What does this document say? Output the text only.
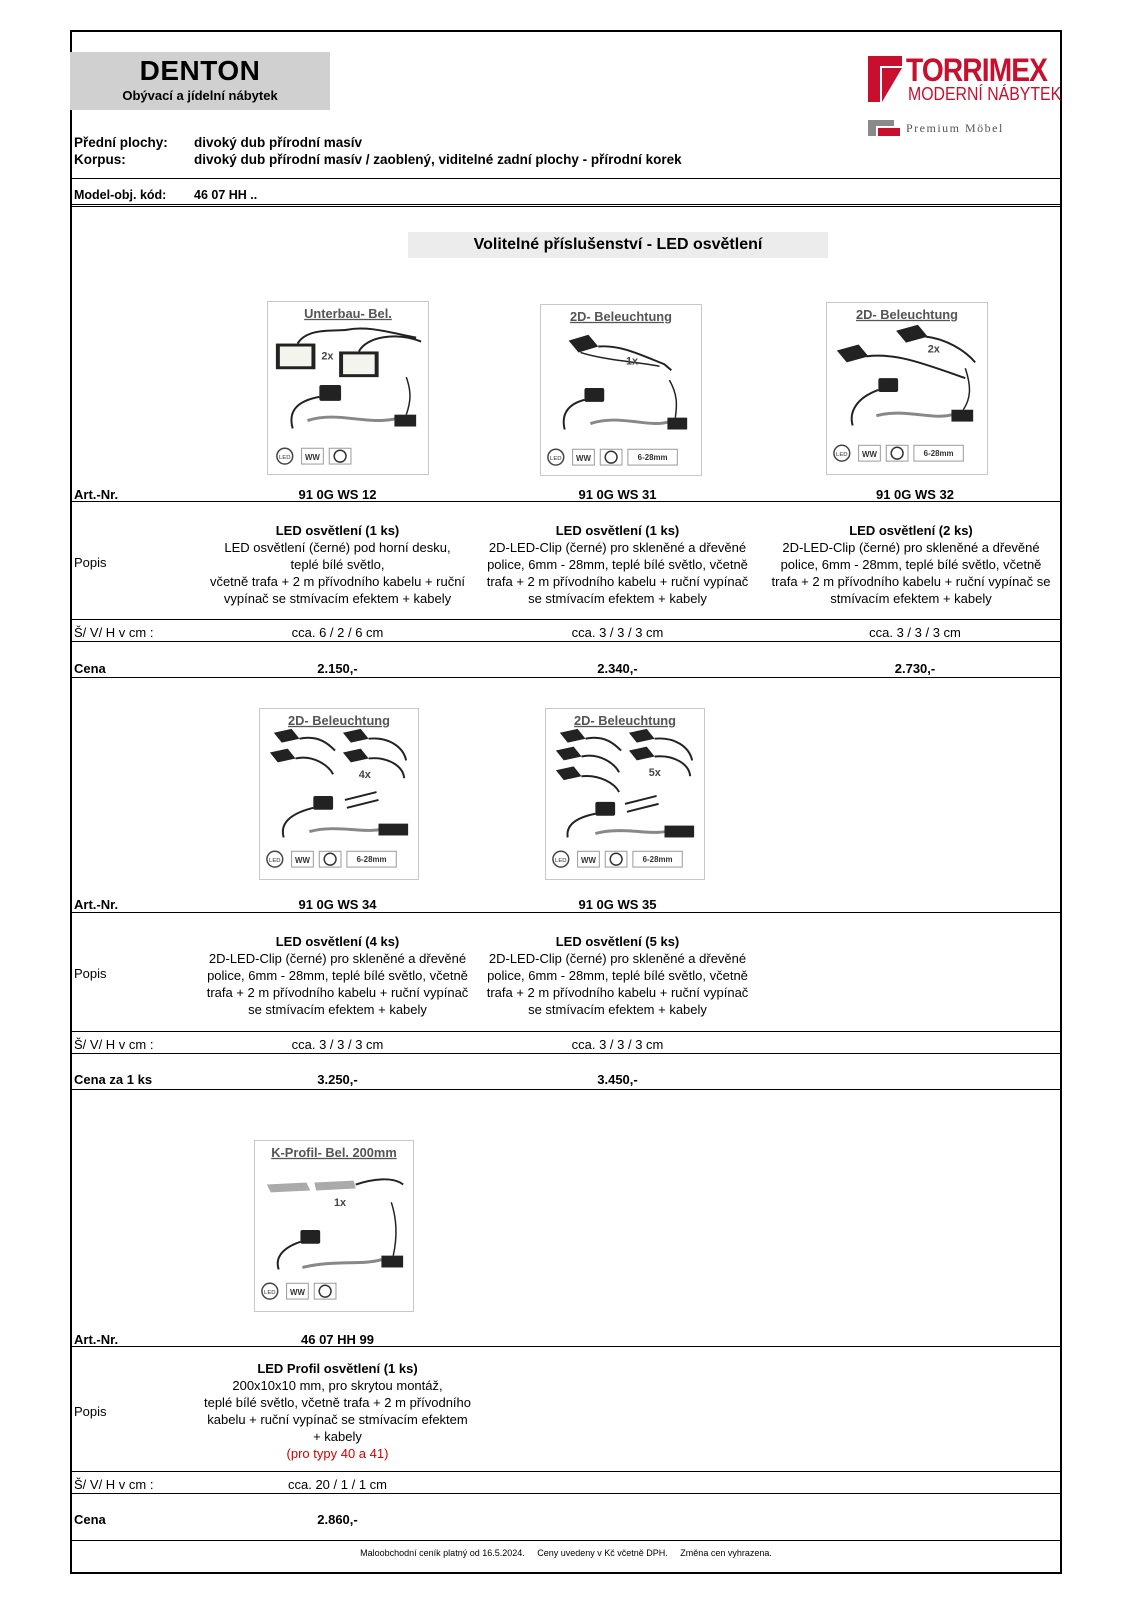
DENTON
Obývací a jídelní nábytek
TORRIMEX
MODERNÍ NÁBYTEK
Premium Möbel
Přední plochy: divoký dub přírodní masív
Korpus:	divoký dub přírodní masív / zaoblený, viditelné zadní plochy - přírodní korek
Model-obj. kód: 46 07 HH ..
Volitelné příslušenství - LED osvětlení
Unterbau- Bel.
2x
LED WW
2D- Beleuchtung
1x
LED WW	6-28mm
2D- Beleuchtung
2x
LED WW	6-28mm
Art.-Nr.	91 0G WS 12	91 0G WS 31	91 0G WS 32
Popis
LED osvětlení (1 ks)
LED osvětlení (černé) pod horní desku,
teplé bílé světlo,
včetně trafa + 2 m přívodního kabelu + ruční
vypínač se stmívacím efektem + kabely
LED osvětlení (1 ks)
2D-LED-Clip (černé) pro skleněné a dřevěné
police, 6mm - 28mm, teplé bílé světlo, včetně
trafa + 2 m přívodního kabelu + ruční vypínač
se stmívacím efektem + kabely
LED osvětlení (2 ks)
2D-LED-Clip (černé) pro skleněné a dřevěné
police, 6mm - 28mm, teplé bílé světlo, včetně
trafa + 2 m přívodního kabelu + ruční vypínač se
stmívacím efektem + kabely
Š/ V/ H v cm :	cca. 6 / 2 / 6 cm	cca. 3 / 3 / 3 cm	cca. 3 / 3 / 3 cm
Cena	2.150,-	2.340,-	2.730,-
2D- Beleuchtung
4x
LED WW	6-28mm
2D- Beleuchtung
5x
LED WW	6-28mm
Art.-Nr.	91 0G WS 34	91 0G WS 35
Popis
LED osvětlení (4 ks)
2D-LED-Clip (černé) pro skleněné a dřevěné
police, 6mm - 28mm, teplé bílé světlo, včetně
trafa + 2 m přívodního kabelu + ruční vypínač
se stmívacím efektem + kabely
LED osvětlení (5 ks)
2D-LED-Clip (černé) pro skleněné a dřevěné
police, 6mm - 28mm, teplé bílé světlo, včetně
trafa + 2 m přívodního kabelu + ruční vypínač
se stmívacím efektem + kabely
Š/ V/ H v cm :	cca. 3 / 3 / 3 cm	cca. 3 / 3 / 3 cm
Cena za 1 ks	3.250,-	3.450,-
K-Profil- Bel. 200mm
1x
LED WW
Art.-Nr.	46 07 HH 99
Popis
LED Profil osvětlení (1 ks)
200x10x10 mm, pro skrytou montáž,
teplé bílé světlo, včetně trafa + 2 m přívodního
kabelu + ruční vypínač se stmívacím efektem
+ kabely
(pro typy 40 a 41)
Š/ V/ H v cm :	cca. 20 / 1 / 1 cm
Cena	2.860,-
Maloobchodní ceník platný od 16.5.2024.     Ceny uvedeny v Kč včetně DPH.     Změna cen vyhrazena.
